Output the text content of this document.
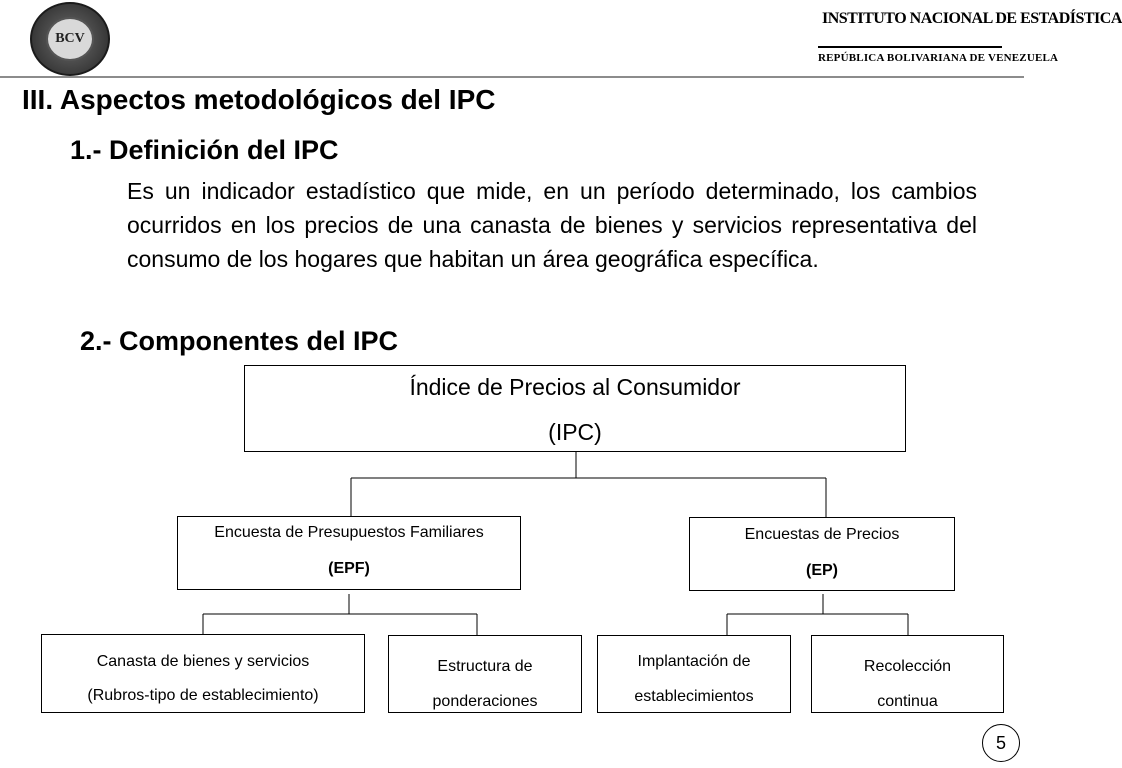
BCV
INSTITUTO NACIONAL DE ESTADÍSTICA
REPÚBLICA BOLIVARIANA DE VENEZUELA
III. Aspectos metodológicos del IPC
1.- Definición del IPC
Es un indicador estadístico que mide, en un período determinado, los cambios ocurridos en los precios de una canasta de bienes y servicios representativa del consumo de los hogares que habitan un área geográfica específica.
2.- Componentes del IPC
Índice de Precios al Consumidor
(IPC)
Encuesta de Presupuestos Familiares
(EPF)
Encuestas de Precios
(EP)
Canasta de bienes y servicios
(Rubros-tipo de establecimiento)
Estructura de
ponderaciones
Implantación de
establecimientos
Recolección
continua
5
